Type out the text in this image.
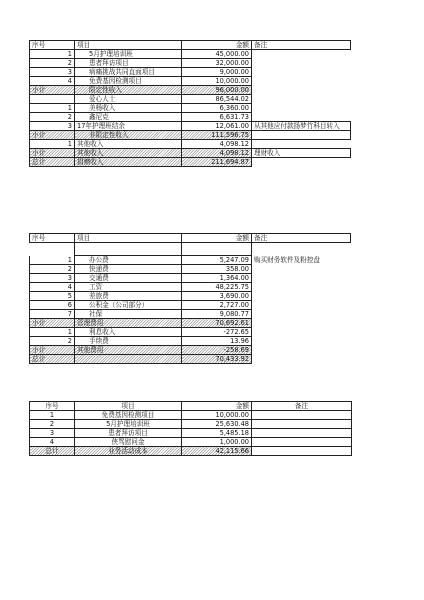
序号	项目	金额	备注
1	5月护理培训班	45,000.00	
2	患者拜访项目	32,000.00	
3	病痛挑战共同直面项目	9,000.00	
4	免费基因检测项目	10,000.00	
小计	限定性收入	96,000.00	
	爱心人士	86,544.02	
1	美杨收入	6,360.00	
2	鑫尼克	6,631.73	
3	17年护理班结余	12,061.00	从其他应付款扬梦竹科目转入
小计	非限定性收入	111,596.75	
1	其他收入	4,098.12	
小计	其他收入	4,098.12	理财收入
总计	捐赠收入	211,694.87	
序号	项目	金额	备注

1	办公费	5,247.09	购买财务软件及粉控盘
2	快递费	358.00	
3	交通费	1,364.00	
4	工资	48,225.75	
5	差旅费	3,690.00	
6	公积金（公司部分）	2,727.00	
7	社保	9,080.77	
小计	管理费用	70,692.61	
1	利息收入	-272.65	
2	手续费	13.96	
小计	其他费用	-258.69	
总计		70,433.92	
序号	项目	金额	备注
1	免费基因检测项目	10,000.00	
2	5月护理培训班	25,630.48	
3	患者拜访项目	5,485.18	
4	侠骂慰问金	1,000.00	
总计	业务活动成本	42,115.66	
